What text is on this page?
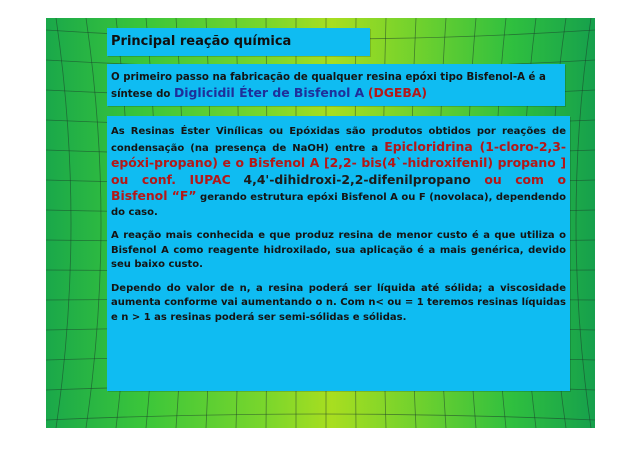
Principal reação química

O primeiro passo na fabricação de qualquer resina epóxi tipo Bisfenol-A é a síntese do Diglicidil Éter de Bisfenol A (DGEBA)

As Resinas Éster Vinílicas ou Epóxidas são produtos obtidos por reações de condensação (na presença de NaOH) entre a Epicloridrina (1-cloro-2,3-epóxi-propano) e o Bisfenol A [2,2- bis(4`-hidroxifenil) propano ] ou conf. IUPAC 4,4'-dihidroxi-2,2-difenilpropano ou com o Bisfenol “F” gerando estrutura epóxi Bisfenol A ou F (novolaca), dependendo do caso.

A reação mais conhecida e que produz resina de menor custo é a que utiliza o Bisfenol A como reagente hidroxilado, sua aplicação é a mais genérica, devido seu baixo custo.

Dependo do valor de n, a resina poderá ser líquida até sólida; a viscosidade aumenta conforme vai aumentando o n. Com n< ou = 1 teremos resinas líquidas e n > 1 as resinas poderá ser semi-sólidas e sólidas.
